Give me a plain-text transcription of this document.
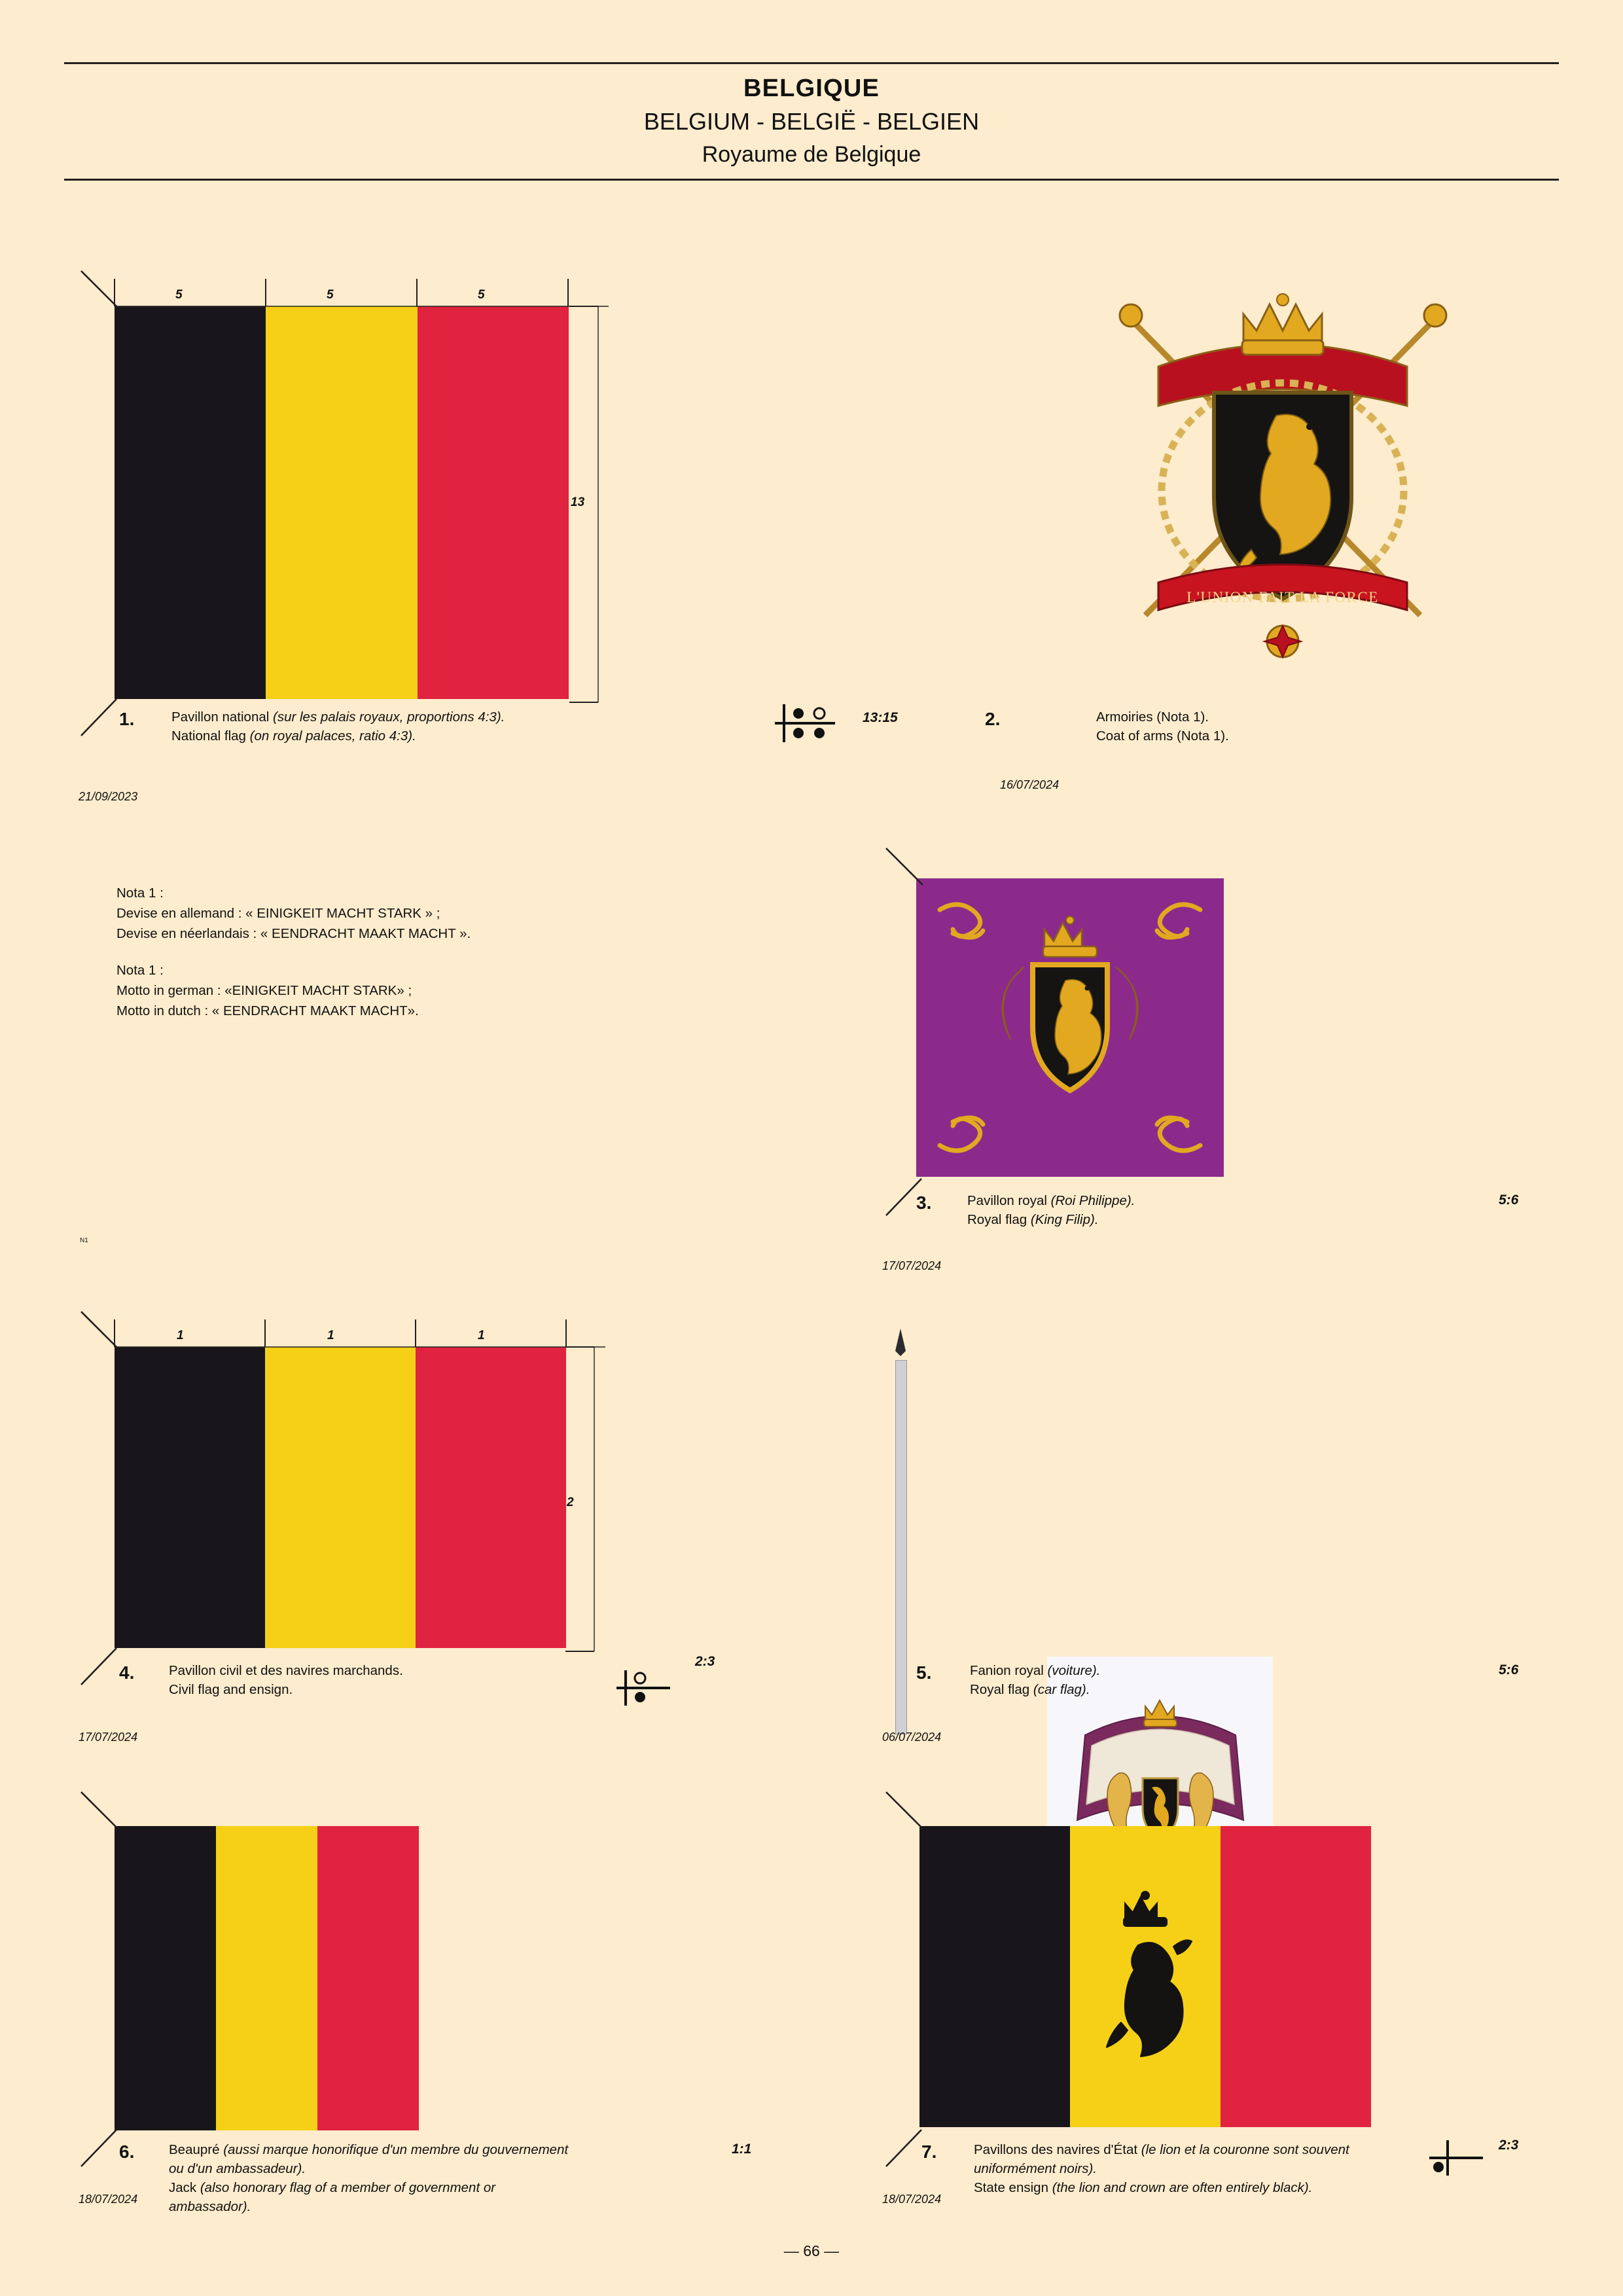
BELGIQUE
BELGIUM - BELGIË - BELGIEN
Royaume de Belgique
5	5	5
13
1.	Pavillon national (sur les palais royaux, proportions 4:3).
National flag (on royal palaces, ratio 4:3).
21/09/2023
13:15
L'UNION FAIT LA FORCE
2.	Armoiries (Nota 1).
Coat of arms (Nota 1).
16/07/2024
Nota 1 :
Devise en allemand : « EINIGKEIT MACHT STARK » ;
Devise en néerlandais : « EENDRACHT MAAKT MACHT ».
Nota 1 :
Motto in german : «EINIGKEIT MACHT STARK» ;
Motto in dutch : « EENDRACHT MAAKT MACHT».
N1
3.	Pavillon royal (Roi Philippe).
Royal flag (King Filip).
5:6
17/07/2024
1	1	1
2
4.	Pavillon civil et des navires marchands.
Civil flag and ensign.
17/07/2024
2:3
5.	Fanion royal (voiture).
Royal flag (car flag).
5:6
06/07/2024
6.	Beaupré (aussi marque honorifique d'un membre du gouvernement ou d'un ambassadeur).
Jack (also honorary flag of a member of government or ambassador).
1:1
18/07/2024
7.	Pavillons des navires d'État (le lion et la couronne sont souvent uniformément noirs).
State ensign (the lion and crown are often entirely black).
2:3
18/07/2024
— 66 —
